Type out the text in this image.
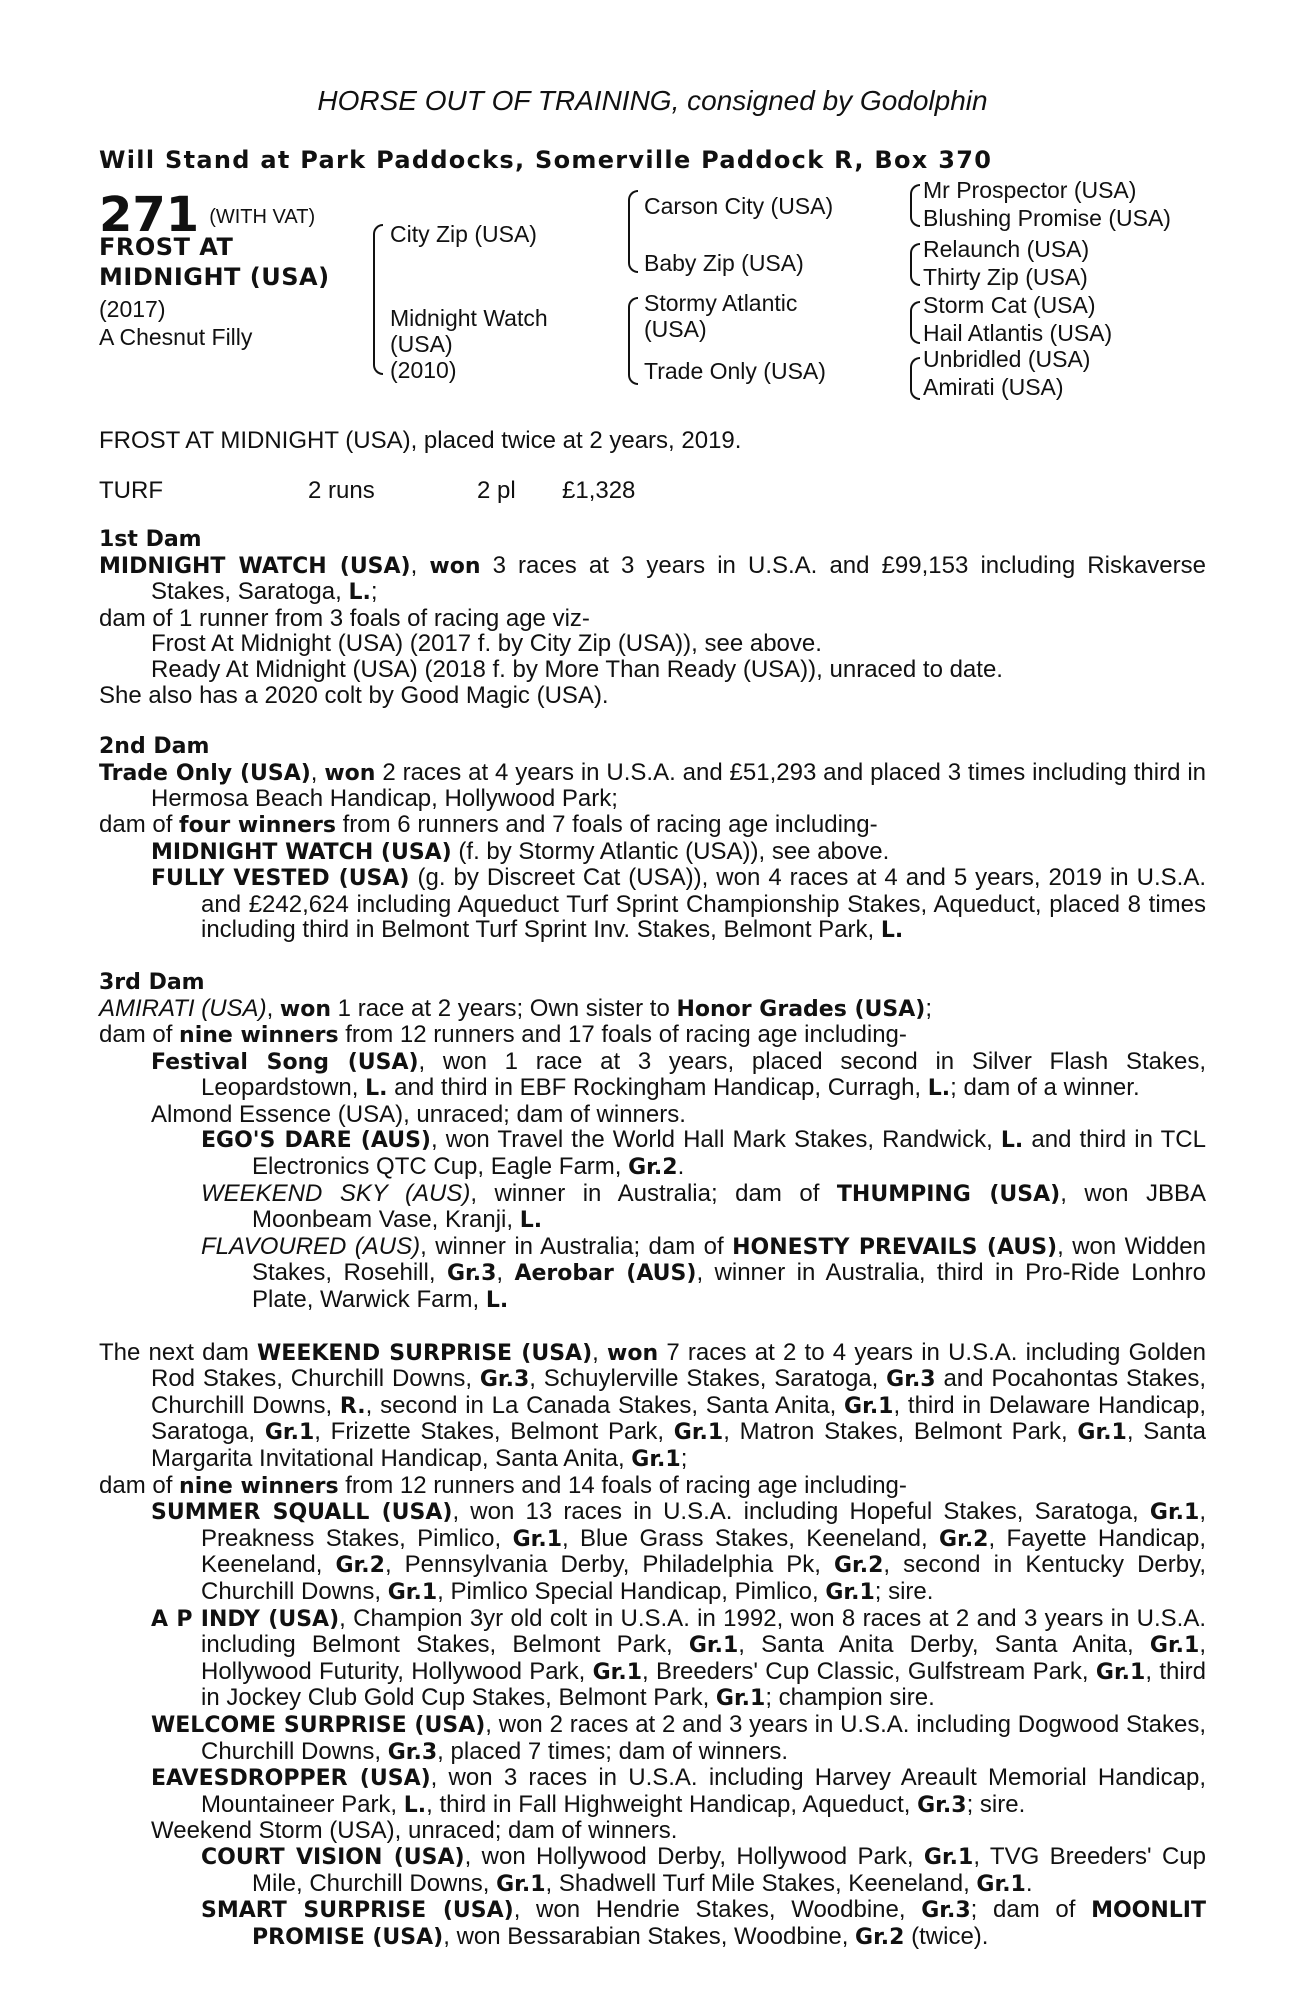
HORSE OUT OF TRAINING, consigned by Godolphin
Will Stand at Park Paddocks, Somerville Paddock R, Box 370
271 $^{(WITH VAT)}$
FROST AT
MIDNIGHT (USA)
(2017)
A Chesnut Filly
City Zip (USA)
Midnight Watch
(USA)
(2010)
Carson City (USA)
Baby Zip (USA)
Stormy Atlantic
(USA)
Trade Only (USA)
Mr Prospector (USA)
Blushing Promise (USA)
Relaunch (USA)
Thirty Zip (USA)
Storm Cat (USA)
Hail Atlantis (USA)
Unbridled (USA)
Amirati (USA)
FROST AT MIDNIGHT (USA), placed twice at 2 years, 2019.
TURF	2 runs	2 pl £1,328
1st Dam
MIDNIGHT WATCH (USA), won 3 races at 3 years in U.S.A. and £99,153 including Riskaverse Stakes, Saratoga, L.;
dam of 1 runner from 3 foals of racing age viz-
Frost At Midnight (USA) (2017 f. by City Zip (USA)), see above.
Ready At Midnight (USA) (2018 f. by More Than Ready (USA)), unraced to date.
She also has a 2020 colt by Good Magic (USA).
2nd Dam
Trade Only (USA), won 2 races at 4 years in U.S.A. and £51,293 and placed 3 times including third in Hermosa Beach Handicap, Hollywood Park;
dam of four winners from 6 runners and 7 foals of racing age including-
MIDNIGHT WATCH (USA) (f. by Stormy Atlantic (USA)), see above.
FULLY VESTED (USA) (g. by Discreet Cat (USA)), won 4 races at 4 and 5 years, 2019 in U.S.A. and £242,624 including Aqueduct Turf Sprint Championship Stakes, Aqueduct, placed 8 times including third in Belmont Turf Sprint Inv. Stakes, Belmont Park, L.
3rd Dam
AMIRATI (USA), won 1 race at 2 years; Own sister to Honor Grades (USA);
dam of nine winners from 12 runners and 17 foals of racing age including-
Festival Song (USA), won 1 race at 3 years, placed second in Silver Flash Stakes, Leopardstown, L. and third in EBF Rockingham Handicap, Curragh, L.; dam of a winner.
Almond Essence (USA), unraced; dam of winners.
EGO'S DARE (AUS), won Travel the World Hall Mark Stakes, Randwick, L. and third in TCL Electronics QTC Cup, Eagle Farm, Gr.2.
WEEKEND SKY (AUS), winner in Australia; dam of THUMPING (USA), won JBBA Moonbeam Vase, Kranji, L.
FLAVOURED (AUS), winner in Australia; dam of HONESTY PREVAILS (AUS), won Widden Stakes, Rosehill, Gr.3, Aerobar (AUS), winner in Australia, third in Pro-Ride Lonhro Plate, Warwick Farm, L.
The next dam WEEKEND SURPRISE (USA), won 7 races at 2 to 4 years in U.S.A. including Golden Rod Stakes, Churchill Downs, Gr.3, Schuylerville Stakes, Saratoga, Gr.3 and Pocahontas Stakes, Churchill Downs, R., second in La Canada Stakes, Santa Anita, Gr.1, third in Delaware Handicap, Saratoga, Gr.1, Frizette Stakes, Belmont Park, Gr.1, Matron Stakes, Belmont Park, Gr.1, Santa Margarita Invitational Handicap, Santa Anita, Gr.1;
dam of nine winners from 12 runners and 14 foals of racing age including-
SUMMER SQUALL (USA), won 13 races in U.S.A. including Hopeful Stakes, Saratoga, Gr.1, Preakness Stakes, Pimlico, Gr.1, Blue Grass Stakes, Keeneland, Gr.2, Fayette Handicap, Keeneland, Gr.2, Pennsylvania Derby, Philadelphia Pk, Gr.2, second in Kentucky Derby, Churchill Downs, Gr.1, Pimlico Special Handicap, Pimlico, Gr.1; sire.
A P INDY (USA), Champion 3yr old colt in U.S.A. in 1992, won 8 races at 2 and 3 years in U.S.A. including Belmont Stakes, Belmont Park, Gr.1, Santa Anita Derby, Santa Anita, Gr.1, Hollywood Futurity, Hollywood Park, Gr.1, Breeders' Cup Classic, Gulfstream Park, Gr.1, third in Jockey Club Gold Cup Stakes, Belmont Park, Gr.1; champion sire.
WELCOME SURPRISE (USA), won 2 races at 2 and 3 years in U.S.A. including Dogwood Stakes, Churchill Downs, Gr.3, placed 7 times; dam of winners.
EAVESDROPPER (USA), won 3 races in U.S.A. including Harvey Areault Memorial Handicap, Mountaineer Park, L., third in Fall Highweight Handicap, Aqueduct, Gr.3; sire.
Weekend Storm (USA), unraced; dam of winners.
COURT VISION (USA), won Hollywood Derby, Hollywood Park, Gr.1, TVG Breeders' Cup Mile, Churchill Downs, Gr.1, Shadwell Turf Mile Stakes, Keeneland, Gr.1.
SMART SURPRISE (USA), won Hendrie Stakes, Woodbine, Gr.3; dam of MOONLIT PROMISE (USA), won Bessarabian Stakes, Woodbine, Gr.2 (twice).
